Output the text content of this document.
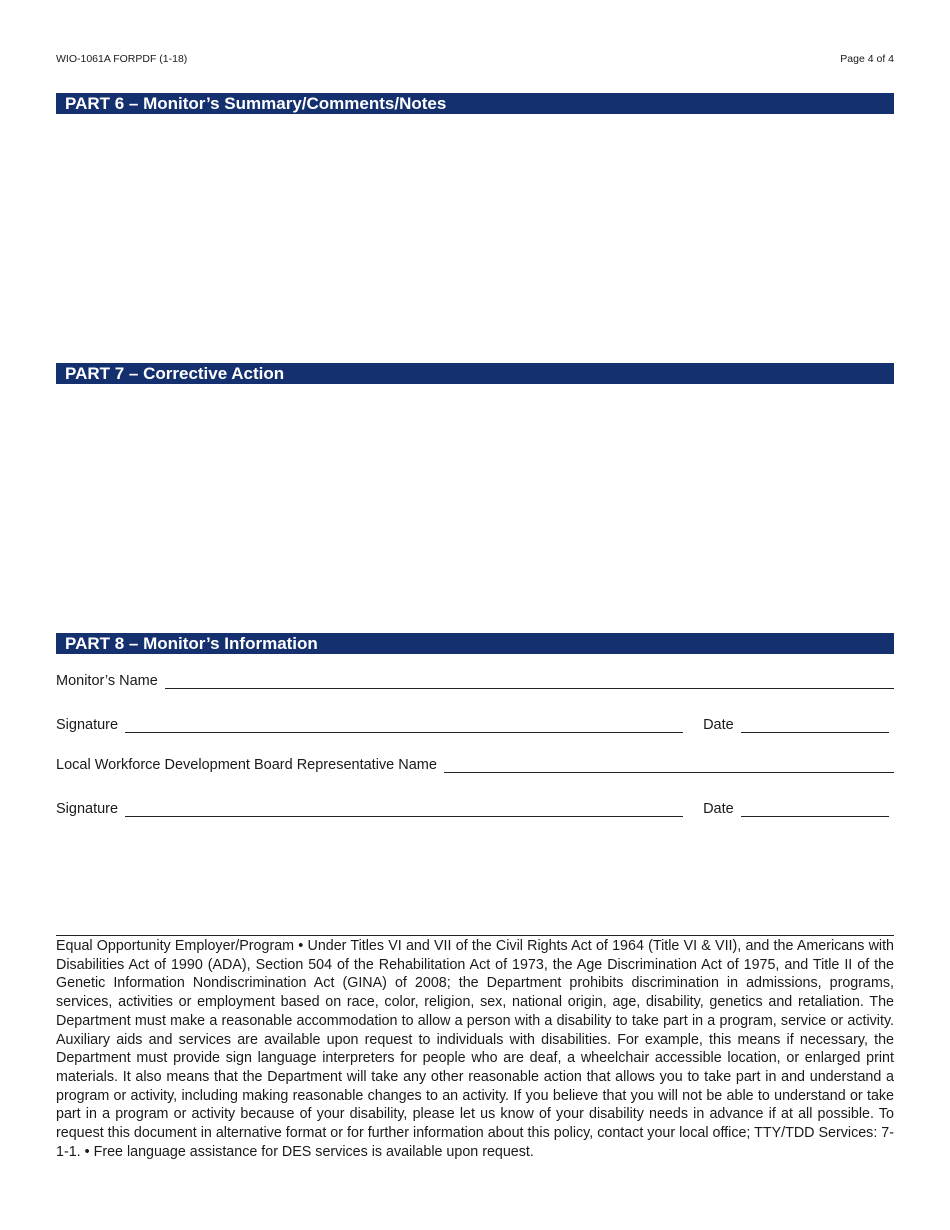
WIO-1061A FORPDF (1-18)	Page 4 of 4
PART 6 – Monitor’s Summary/Comments/Notes
PART 7 – Corrective Action
PART 8 – Monitor’s Information
Monitor’s Name
Signature	Date
Local Workforce Development Board Representative Name
Signature	Date

Equal Opportunity Employer/Program • Under Titles VI and VII of the Civil Rights Act of 1964 (Title VI & VII), and the Americans with Disabilities Act of 1990 (ADA), Section 504 of the Rehabilitation Act of 1973, the Age Discrimination Act of 1975, and Title II of the Genetic Information Nondiscrimination Act (GINA) of 2008; the Department prohibits discrimination in admissions, programs, services, activities or employment based on race, color, religion, sex, national origin, age, disability, genetics and retaliation. The Department must make a reasonable accommodation to allow a person with a disability to take part in a program, service or activity. Auxiliary aids and services are available upon request to individuals with disabilities. For example, this means if necessary, the Department must provide sign language interpreters for people who are deaf, a wheelchair accessible location, or enlarged print materials. It also means that the Department will take any other reasonable action that allows you to take part in and understand a program or activity, including making reasonable changes to an activity. If you believe that you will not be able to understand or take part in a program or activity because of your disability, please let us know of your disability needs in advance if at all possible. To request this document in alternative format or for further information about this policy, contact your local office; TTY/TDD Services: 7-1-1. • Free language assistance for DES services is available upon request.
